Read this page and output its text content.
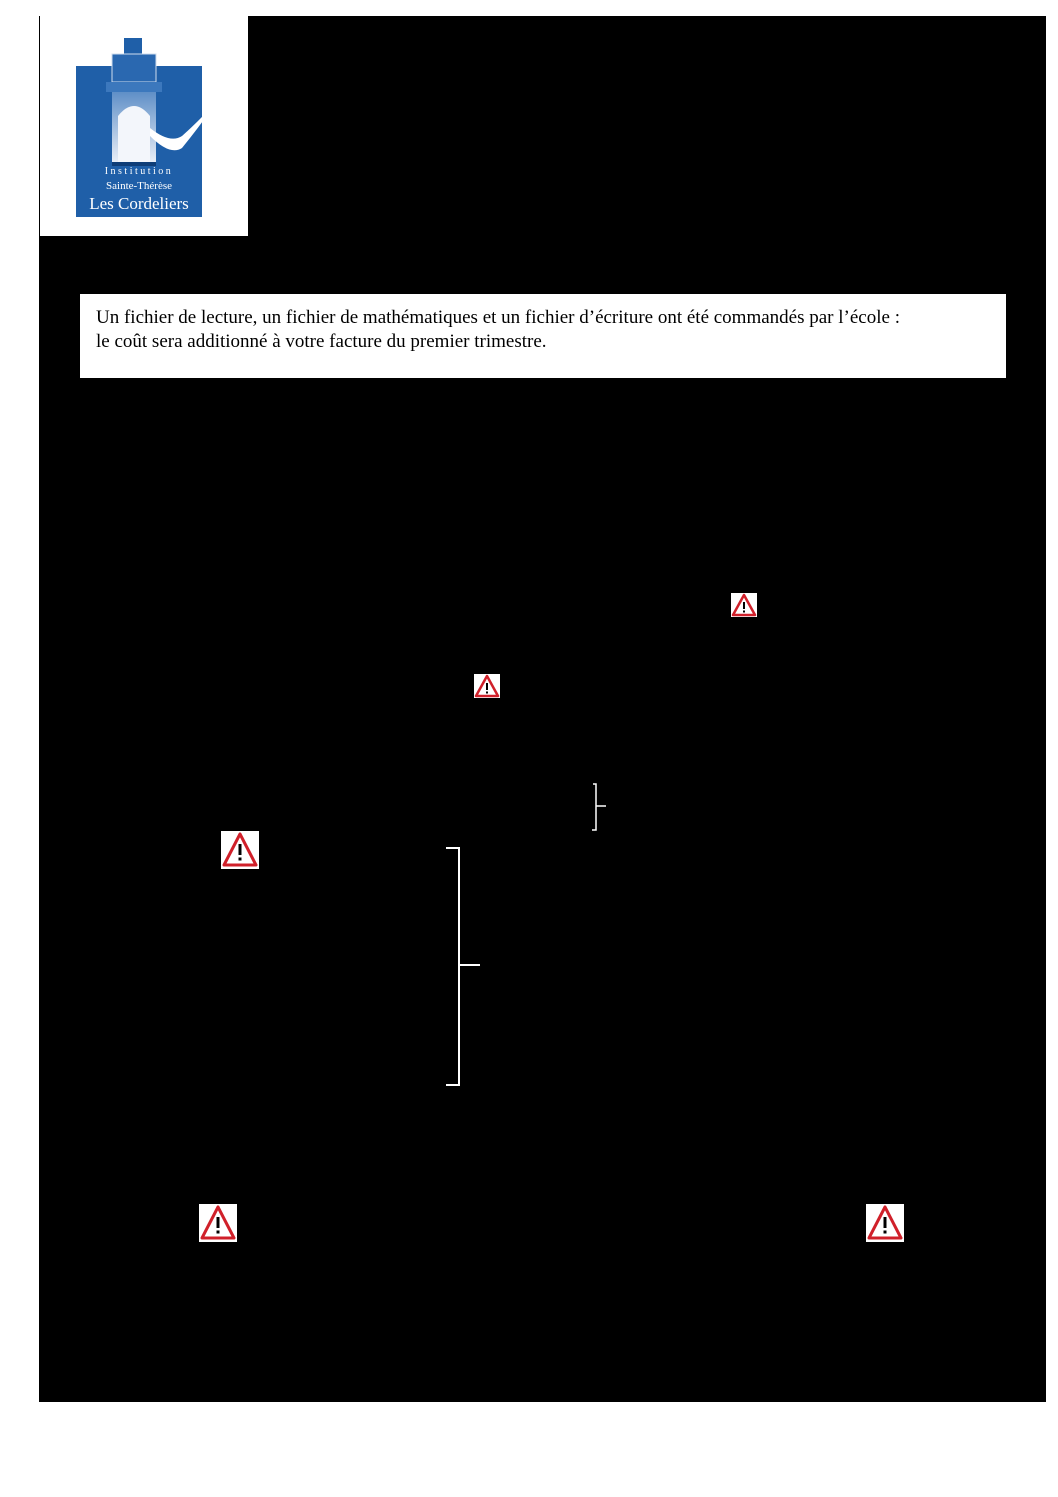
Institution
Sainte-Thérèse
Les Cordeliers

Un fichier de lecture, un fichier de mathématiques et un fichier d’écriture ont été commandés par l’école :

le coût sera additionné à votre facture du premier trimestre.
